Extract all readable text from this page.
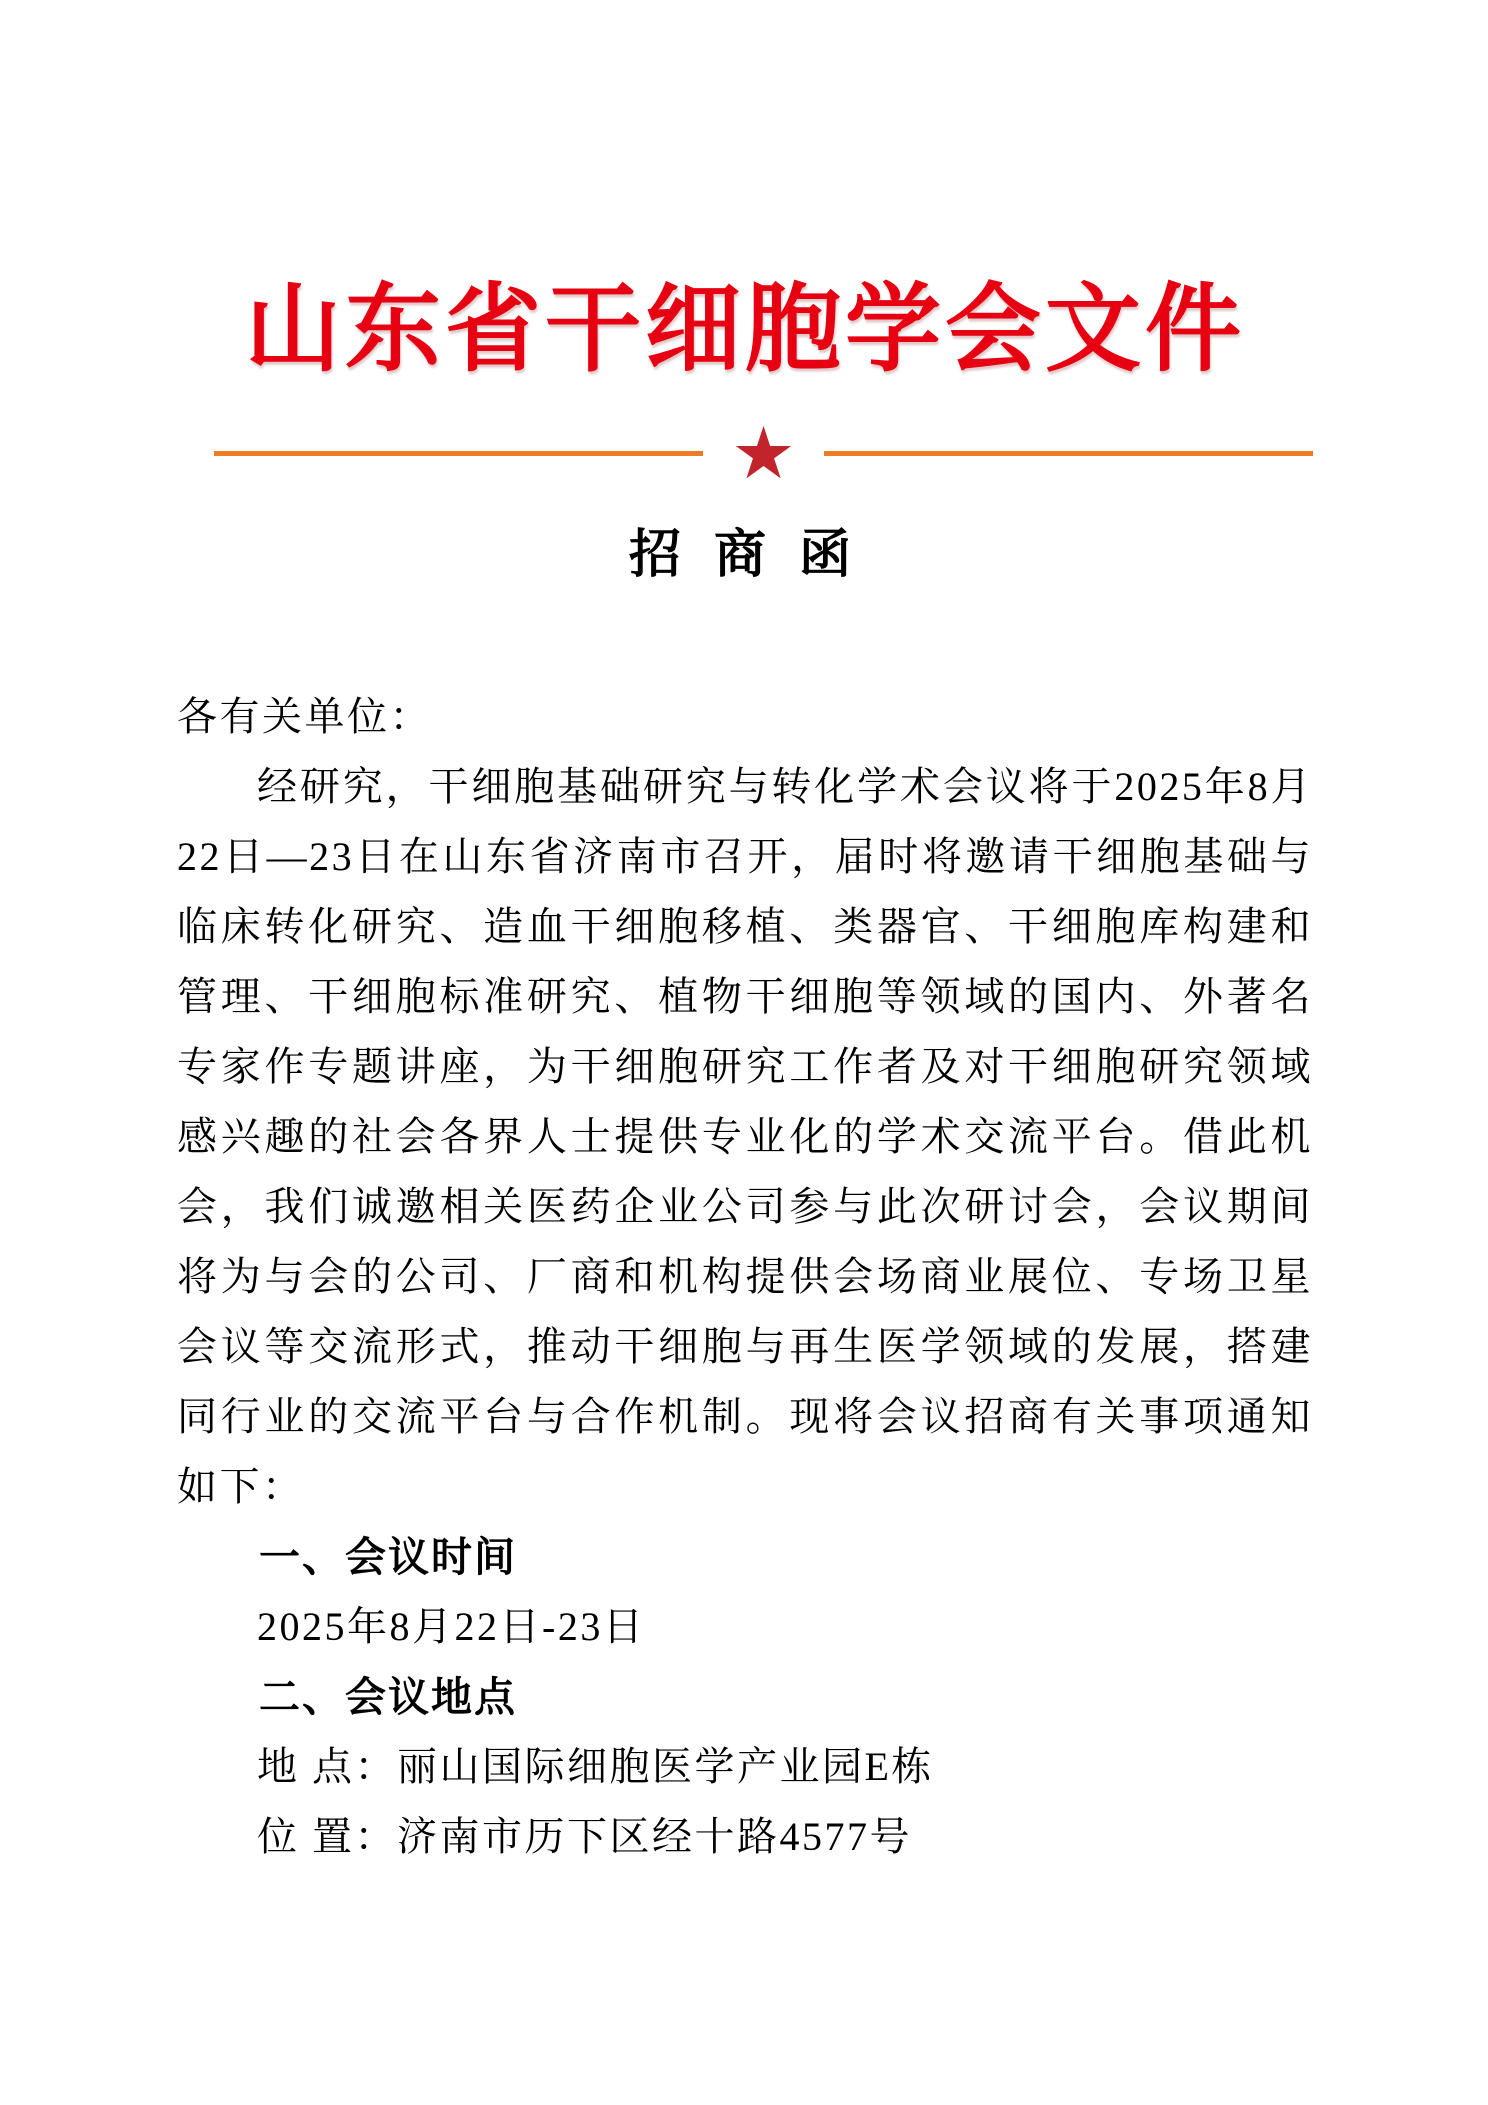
山东省干细胞学会文件
★
招 商 函

各有关单位：

经研究，干细胞基础研究与转化学术会议将于2025年8月22日—23日在山东省济南市召开，届时将邀请干细胞基础与临床转化研究、造血干细胞移植、类器官、干细胞库构建和管理、干细胞标准研究、植物干细胞等领域的国内、外著名专家作专题讲座，为干细胞研究工作者及对干细胞研究领域感兴趣的社会各界人士提供专业化的学术交流平台。借此机会，我们诚邀相关医药企业公司参与此次研讨会，会议期间将为与会的公司、厂商和机构提供会场商业展位、专场卫星会议等交流形式，推动干细胞与再生医学领域的发展，搭建同行业的交流平台与合作机制。现将会议招商有关事项通知如下：

一、会议时间

2025年8月22日-23日

二、会议地点

地 点：丽山国际细胞医学产业园E栋

位 置：济南市历下区经十路4577号
